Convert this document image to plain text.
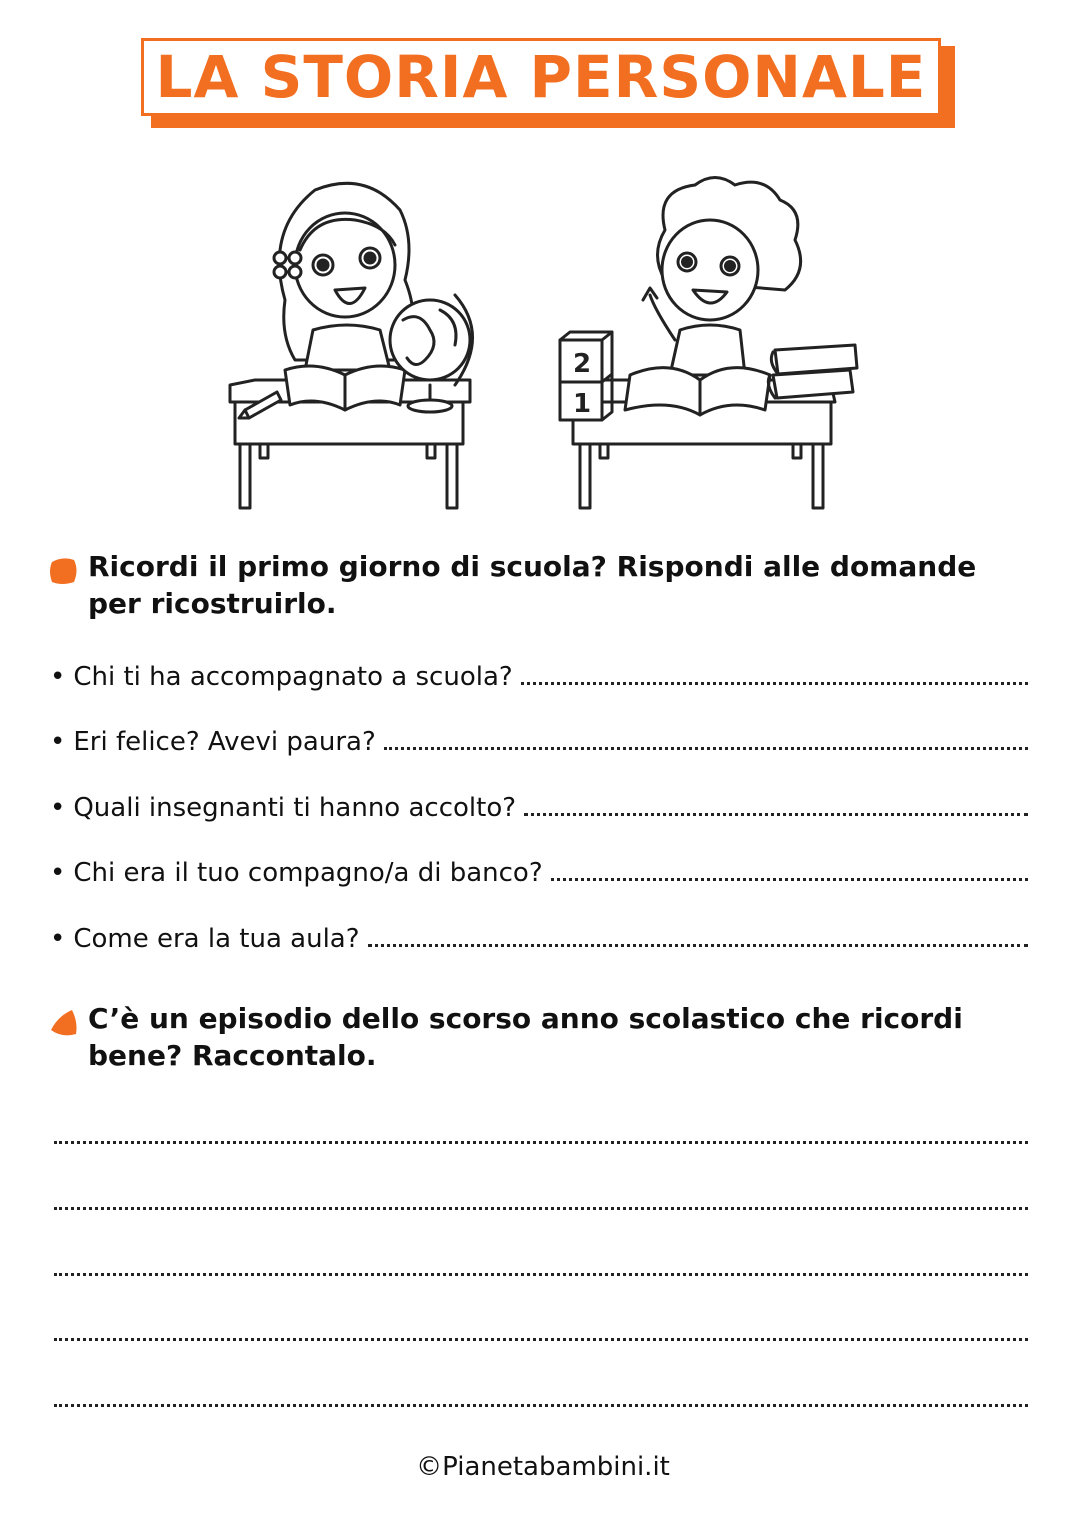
LA STORIA PERSONALE
2
1
Ricordi il primo giorno di scuola? Rispondi alle domande per ricostruirlo.
• Chi ti ha accompagnato a scuola?
• Eri felice? Avevi paura?
• Quali insegnanti ti hanno accolto?
• Chi era il tuo compagno/a di banco?
• Come era la tua aula?
C’è un episodio dello scorso anno scolastico che ricordi bene? Raccontalo.
©Pianetabambini.it
